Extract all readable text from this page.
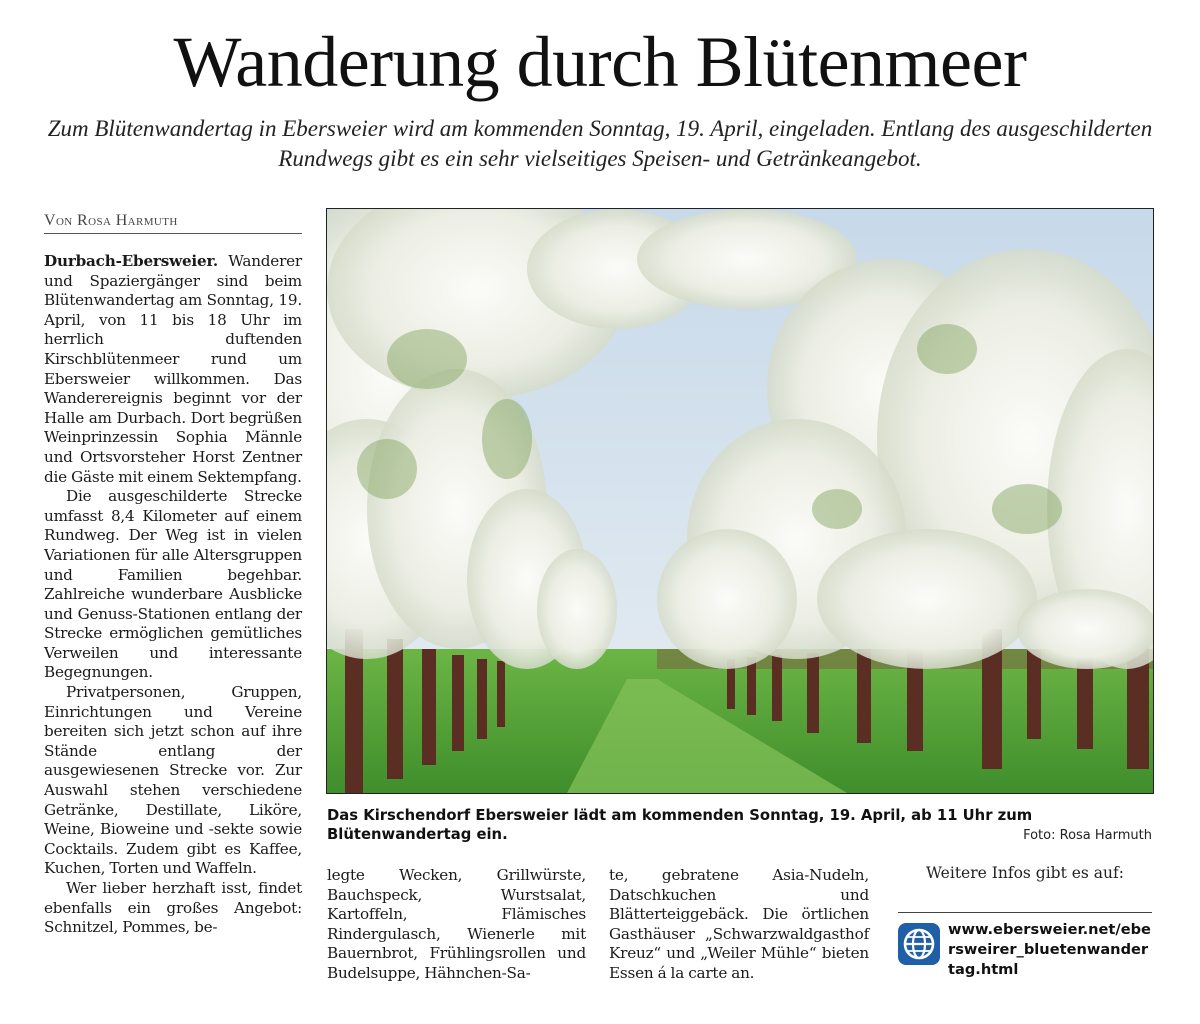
Wanderung durch Blütenmeer
Zum Blütenwandertag in Ebersweier wird am kommenden Sonntag, 19. April, eingeladen. Entlang des ausgeschilderten Rundwegs gibt es ein sehr vielseitiges Speisen- und Getränkeangebot.
Von Rosa Harmuth

Durbach-Ebersweier. Wanderer und Spaziergänger sind beim Blütenwandertag am Sonntag, 19. April, von 11 bis 18 Uhr im herrlich duftenden Kirschblütenmeer rund um Ebersweier willkommen. Das Wanderereignis beginnt vor der Halle am Durbach. Dort begrüßen Weinprinzessin Sophia Männle und Ortsvorsteher Horst Zentner die Gäste mit einem Sektempfang.

Die ausgeschilderte Strecke umfasst 8,4 Kilometer auf einem Rundweg. Der Weg ist in vielen Variationen für alle Altersgruppen und Familien begehbar. Zahlreiche wunderbare Ausblicke und Genuss-Stationen entlang der Strecke ermöglichen gemütliches Verweilen und interessante Begegnungen.

Privatpersonen, Gruppen, Einrichtungen und Vereine bereiten sich jetzt schon auf ihre Stände entlang der ausgewiesenen Strecke vor. Zur Auswahl stehen verschiedene Getränke, Destillate, Liköre, Weine, Bioweine und -sekte sowie Cocktails. Zudem gibt es Kaffee, Kuchen, Torten und Waffeln.

Wer lieber herzhaft isst, findet ebenfalls ein großes Angebot: Schnitzel, Pommes, be-

Das Kirschendorf Ebersweier lädt am kommenden Sonntag, 19. April, ab 11 Uhr zum Blütenwandertag ein.	Foto: Rosa Harmuth

legte Wecken, Grillwürste, Bauchspeck, Wurstsalat, Kartoffeln, Flämisches Rindergulasch, Wienerle mit Bauernbrot, Frühlingsrollen und Budelsuppe, Hähnchen-Sa-

te, gebratene Asia-Nudeln, Datschkuchen und Blätterteiggebäck. Die örtlichen Gasthäuser „Schwarzwaldgasthof Kreuz“ und „Weiler Mühle“ bieten Essen á la carte an.

Weitere Infos gibt es auf:
www.ebersweier.net/ebersweirer_bluetenwandertag.html
